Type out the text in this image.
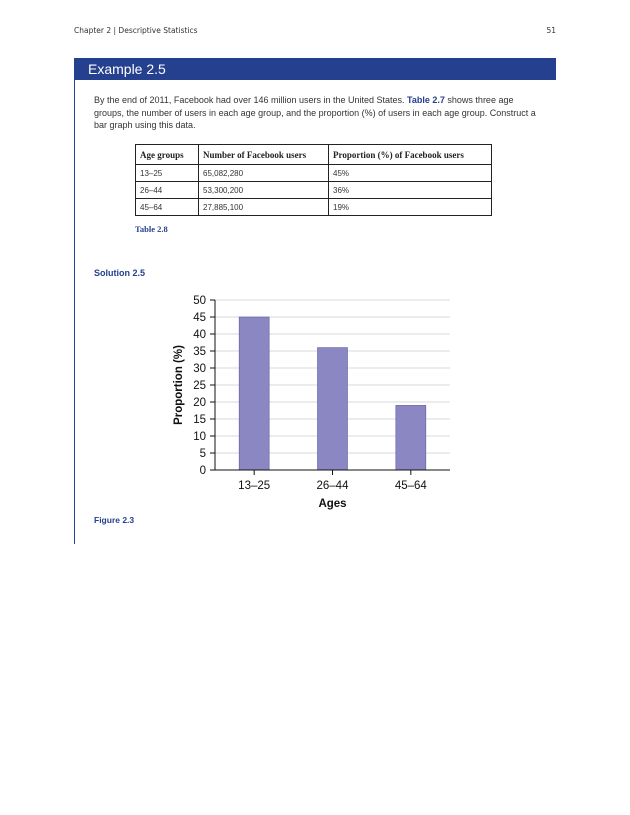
Chapter 2 | Descriptive Statistics	51
Example 2.5
By the end of 2011, Facebook had over 146 million users in the United States. Table 2.7 shows three age groups, the number of users in each age group, and the proportion (%) of users in each age group. Construct a bar graph using this data.
Age groups	Number of Facebook users	Proportion (%) of Facebook users
13–25	65,082,280	45%
26–44	53,300,200	36%
45–64	27,885,100	19%
Table 2.8
Solution 2.5
0
5
10
15
20
25
30
35
40
45
50
13–25	26–44	45–64
Ages
Proportion (%)
Figure 2.3
